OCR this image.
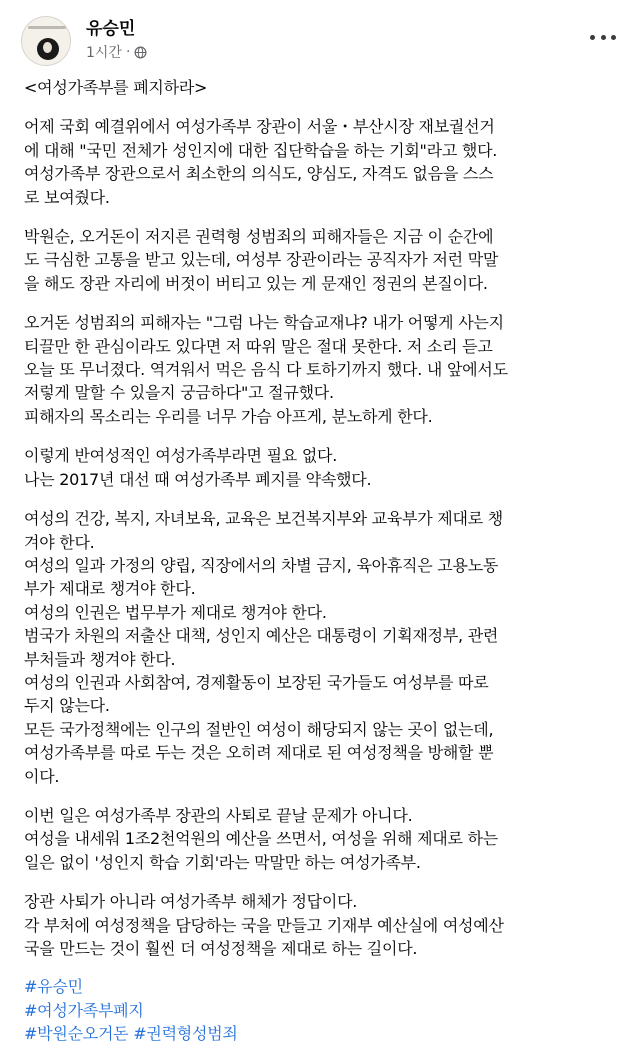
유승민
1시간 ·
<여성가족부를 폐지하라>

어제 국회 예결위에서 여성가족부 장관이 서울・부산시장 재보궐선거
에 대해 "국민 전체가 성인지에 대한 집단학습을 하는 기회"라고 했다.
여성가족부 장관으로서 최소한의 의식도, 양심도, 자격도 없음을 스스
로 보여줬다.

박원순, 오거돈이 저지른 권력형 성범죄의 피해자들은 지금 이 순간에
도 극심한 고통을 받고 있는데, 여성부 장관이라는 공직자가 저런 막말
을 해도 장관 자리에 버젓이 버티고 있는 게 문재인 정권의 본질이다.

오거돈 성범죄의 피해자는 "그럼 나는 학습교재냐? 내가 어떻게 사는지
티끌만 한 관심이라도 있다면 저 따위 말은 절대 못한다. 저 소리 듣고
오늘 또 무너졌다. 역겨워서 먹은 음식 다 토하기까지 했다. 내 앞에서도
저렇게 말할 수 있을지 궁금하다"고 절규했다.
피해자의 목소리는 우리를 너무 가슴 아프게, 분노하게 한다.

이렇게 반여성적인 여성가족부라면 필요 없다.
나는 2017년 대선 때 여성가족부 폐지를 약속했다.

여성의 건강, 복지, 자녀보육, 교육은 보건복지부와 교육부가 제대로 챙
겨야 한다.
여성의 일과 가정의 양립, 직장에서의 차별 금지, 육아휴직은 고용노동
부가 제대로 챙겨야 한다.
여성의 인권은 법무부가 제대로 챙겨야 한다.
범국가 차원의 저출산 대책, 성인지 예산은 대통령이 기획재정부, 관련
부처들과 챙겨야 한다.
여성의 인권과 사회참여, 경제활동이 보장된 국가들도 여성부를 따로
두지 않는다.
모든 국가정책에는 인구의 절반인 여성이 해당되지 않는 곳이 없는데,
여성가족부를 따로 두는 것은 오히려 제대로 된 여성정책을 방해할 뿐
이다.

이번 일은 여성가족부 장관의 사퇴로 끝날 문제가 아니다.
여성을 내세워 1조2천억원의 예산을 쓰면서, 여성을 위해 제대로 하는
일은 없이 '성인지 학습 기회'라는 막말만 하는 여성가족부.

장관 사퇴가 아니라 여성가족부 해체가 정답이다.
각 부처에 여성정책을 담당하는 국을 만들고 기재부 예산실에 여성예산
국을 만드는 것이 훨씬 더 여성정책을 제대로 하는 길이다.

#유승민
#여성가족부폐지
#박원순오거돈 #권력형성범죄
